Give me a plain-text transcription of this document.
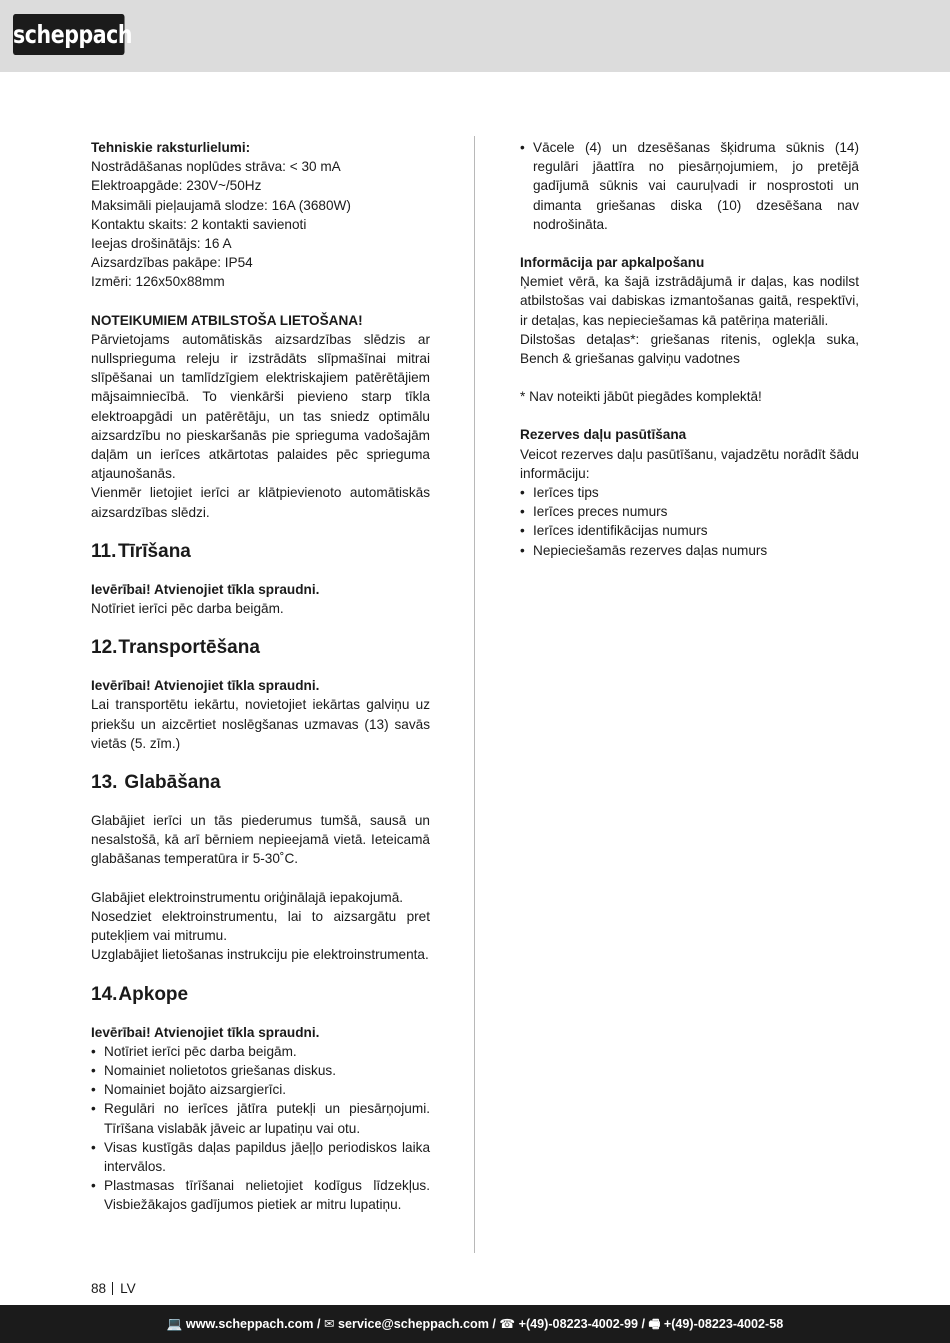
scheppach

Tehniskie raksturlielumi:

Nostrādāšanas noplūdes strāva: < 30 mA

Elektroapgāde: 230V~/50Hz

Maksimāli pieļaujamā slodze: 16A (3680W)

Kontaktu skaits: 2 kontakti savienoti

Ieejas drošinātājs: 16 A

Aizsardzības pakāpe: IP54

Izmēri: 126x50x88mm

NOTEIKUMIEM ATBILSTOŠA LIETOŠANA!

Pārvietojams automātiskās aizsardzības slēdzis ar nullsprieguma releju ir izstrādāts slīpmašīnai mitrai slīpēšanai un tamlīdzīgiem elektriskajiem patērētājiem mājsaimniecībā. To vienkārši pievieno starp tīkla elektroapgādi un patērētāju, un tas sniedz optimālu aizsardzību no pieskaršanās pie sprieguma vadošajām daļām un ierīces atkārtotas palaides pēc sprieguma atjaunošanās.

Vienmēr lietojiet ierīci ar klātpievienoto automātiskās aizsardzības slēdzi.

11.Tīrīšana

Ievērībai! Atvienojiet tīkla spraudni.

Notīriet ierīci pēc darba beigām.

12.Transportēšana

Ievērībai! Atvienojiet tīkla spraudni.

Lai transportētu iekārtu, novietojiet iekārtas galviņu uz priekšu un aizcērtiet noslēgšanas uzmavas (13) savās vietās (5. zīm.)

13. Glabāšana

Glabājiet ierīci un tās piederumus tumšā, sausā un nesalstošā, kā arī bērniem nepieejamā vietā. Ieteicamā glabāšanas temperatūra ir 5-30˚C.

Glabājiet elektroinstrumentu oriģinālajā iepakojumā.

Nosedziet elektroinstrumentu, lai to aizsargātu pret putekļiem vai mitrumu.

Uzglabājiet lietošanas instrukciju pie elektroinstrumenta.

14.Apkope

Ievērībai! Atvienojiet tīkla spraudni.

• Notīriet ierīci pēc darba beigām.
• Nomainiet nolietotos griešanas diskus.
• Nomainiet bojāto aizsargierīci.
• Regulāri no ierīces jātīra putekļi un piesārņojumi. Tīrīšana vislabāk jāveic ar lupatiņu vai otu.
• Visas kustīgās daļas papildus jāeļļo periodiskos laika intervālos.
• Plastmasas tīrīšanai nelietojiet kodīgus līdzekļus. Visbiežākajos gadījumos pietiek ar mitru lupatiņu.
• Vācele (4) un dzesēšanas šķidruma sūknis (14) regulāri jāattīra no piesārņojumiem, jo pretējā gadījumā sūknis vai cauruļvadi ir nosprostoti un dimanta griešanas diska (10) dzesēšana nav nodrošināta.

Informācija par apkalpošanu

Ņemiet vērā, ka šajā izstrādājumā ir daļas, kas nodilst atbilstošas vai dabiskas izmantošanas gaitā, respektīvi, ir detaļas, kas nepieciešamas kā patēriņa materiāli.

Dilstošas detaļas*: griešanas ritenis, oglekļa suka, Bench & griešanas galviņu vadotnes

* Nav noteikti jābūt piegādes komplektā!

Rezerves daļu pasūtīšana

Veicot rezerves daļu pasūtīšanu, vajadzētu norādīt šādu informāciju:

• Ierīces tips
• Ierīces preces numurs
• Ierīces identifikācijas numurs
• Nepieciešamās rezerves daļas numurs
88 LV
💻 www.scheppach.com / ✉ service@scheppach.com / ☎ +(49)-08223-4002-99 / 🖷 +(49)-08223-4002-58
